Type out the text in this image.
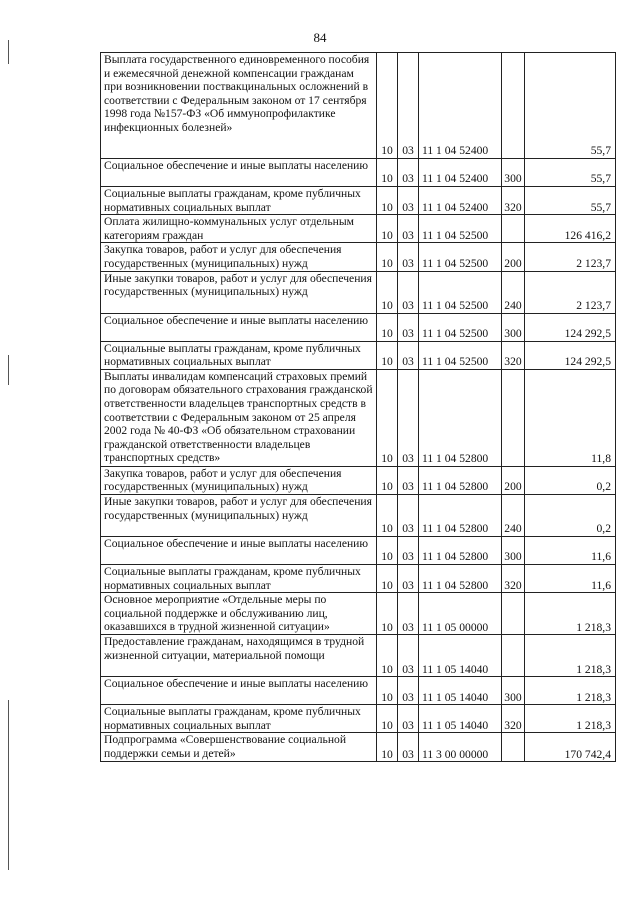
84
Выплата государственного единовременного пособия и ежемесячной денежной компенсации гражданам при возникновении поствакцинальных осложнений в соответствии с Федеральным законом от 17 сентября 1998 года №157-ФЗ «Об иммунопрофилактике инфекционных болезней»	10	03	11 1 04 52400		55,7
Социальное обеспечение и иные выплаты населению	10	03	11 1 04 52400	300	55,7
Социальные выплаты гражданам, кроме публичных нормативных социальных выплат	10	03	11 1 04 52400	320	55,7
Оплата жилищно-коммунальных услуг отдельным категориям граждан	10	03	11 1 04 52500		126 416,2
Закупка товаров, работ и услуг для обеспечения государственных (муниципальных) нужд	10	03	11 1 04 52500	200	2 123,7
Иные закупки товаров, работ и услуг для обеспечения государственных (муниципальных) нужд	10	03	11 1 04 52500	240	2 123,7
Социальное обеспечение и иные выплаты населению	10	03	11 1 04 52500	300	124 292,5
Социальные выплаты гражданам, кроме публичных нормативных социальных выплат	10	03	11 1 04 52500	320	124 292,5
Выплаты инвалидам компенсаций страховых премий по договорам обязательного страхования гражданской ответственности владельцев транспортных средств в соответствии с Федеральным законом от 25 апреля 2002 года № 40-ФЗ «Об обязательном страховании гражданской ответственности владельцев транспортных средств»	10	03	11 1 04 52800		11,8
Закупка товаров, работ и услуг для обеспечения государственных (муниципальных) нужд	10	03	11 1 04 52800	200	0,2
Иные закупки товаров, работ и услуг для обеспечения государственных (муниципальных) нужд	10	03	11 1 04 52800	240	0,2
Социальное обеспечение и иные выплаты населению	10	03	11 1 04 52800	300	11,6
Социальные выплаты гражданам, кроме публичных нормативных социальных выплат	10	03	11 1 04 52800	320	11,6
Основное мероприятие «Отдельные меры по социальной поддержке и обслуживанию лиц, оказавшихся в трудной жизненной ситуации»	10	03	11 1 05 00000		1 218,3
Предоставление гражданам, находящимся в трудной жизненной ситуации, материальной помощи	10	03	11 1 05 14040		1 218,3
Социальное обеспечение и иные выплаты населению	10	03	11 1 05 14040	300	1 218,3
Социальные выплаты гражданам, кроме публичных нормативных социальных выплат	10	03	11 1 05 14040	320	1 218,3
Подпрограмма «Совершенствование социальной поддержки семьи и детей»	10	03	11 3 00 00000		170 742,4
